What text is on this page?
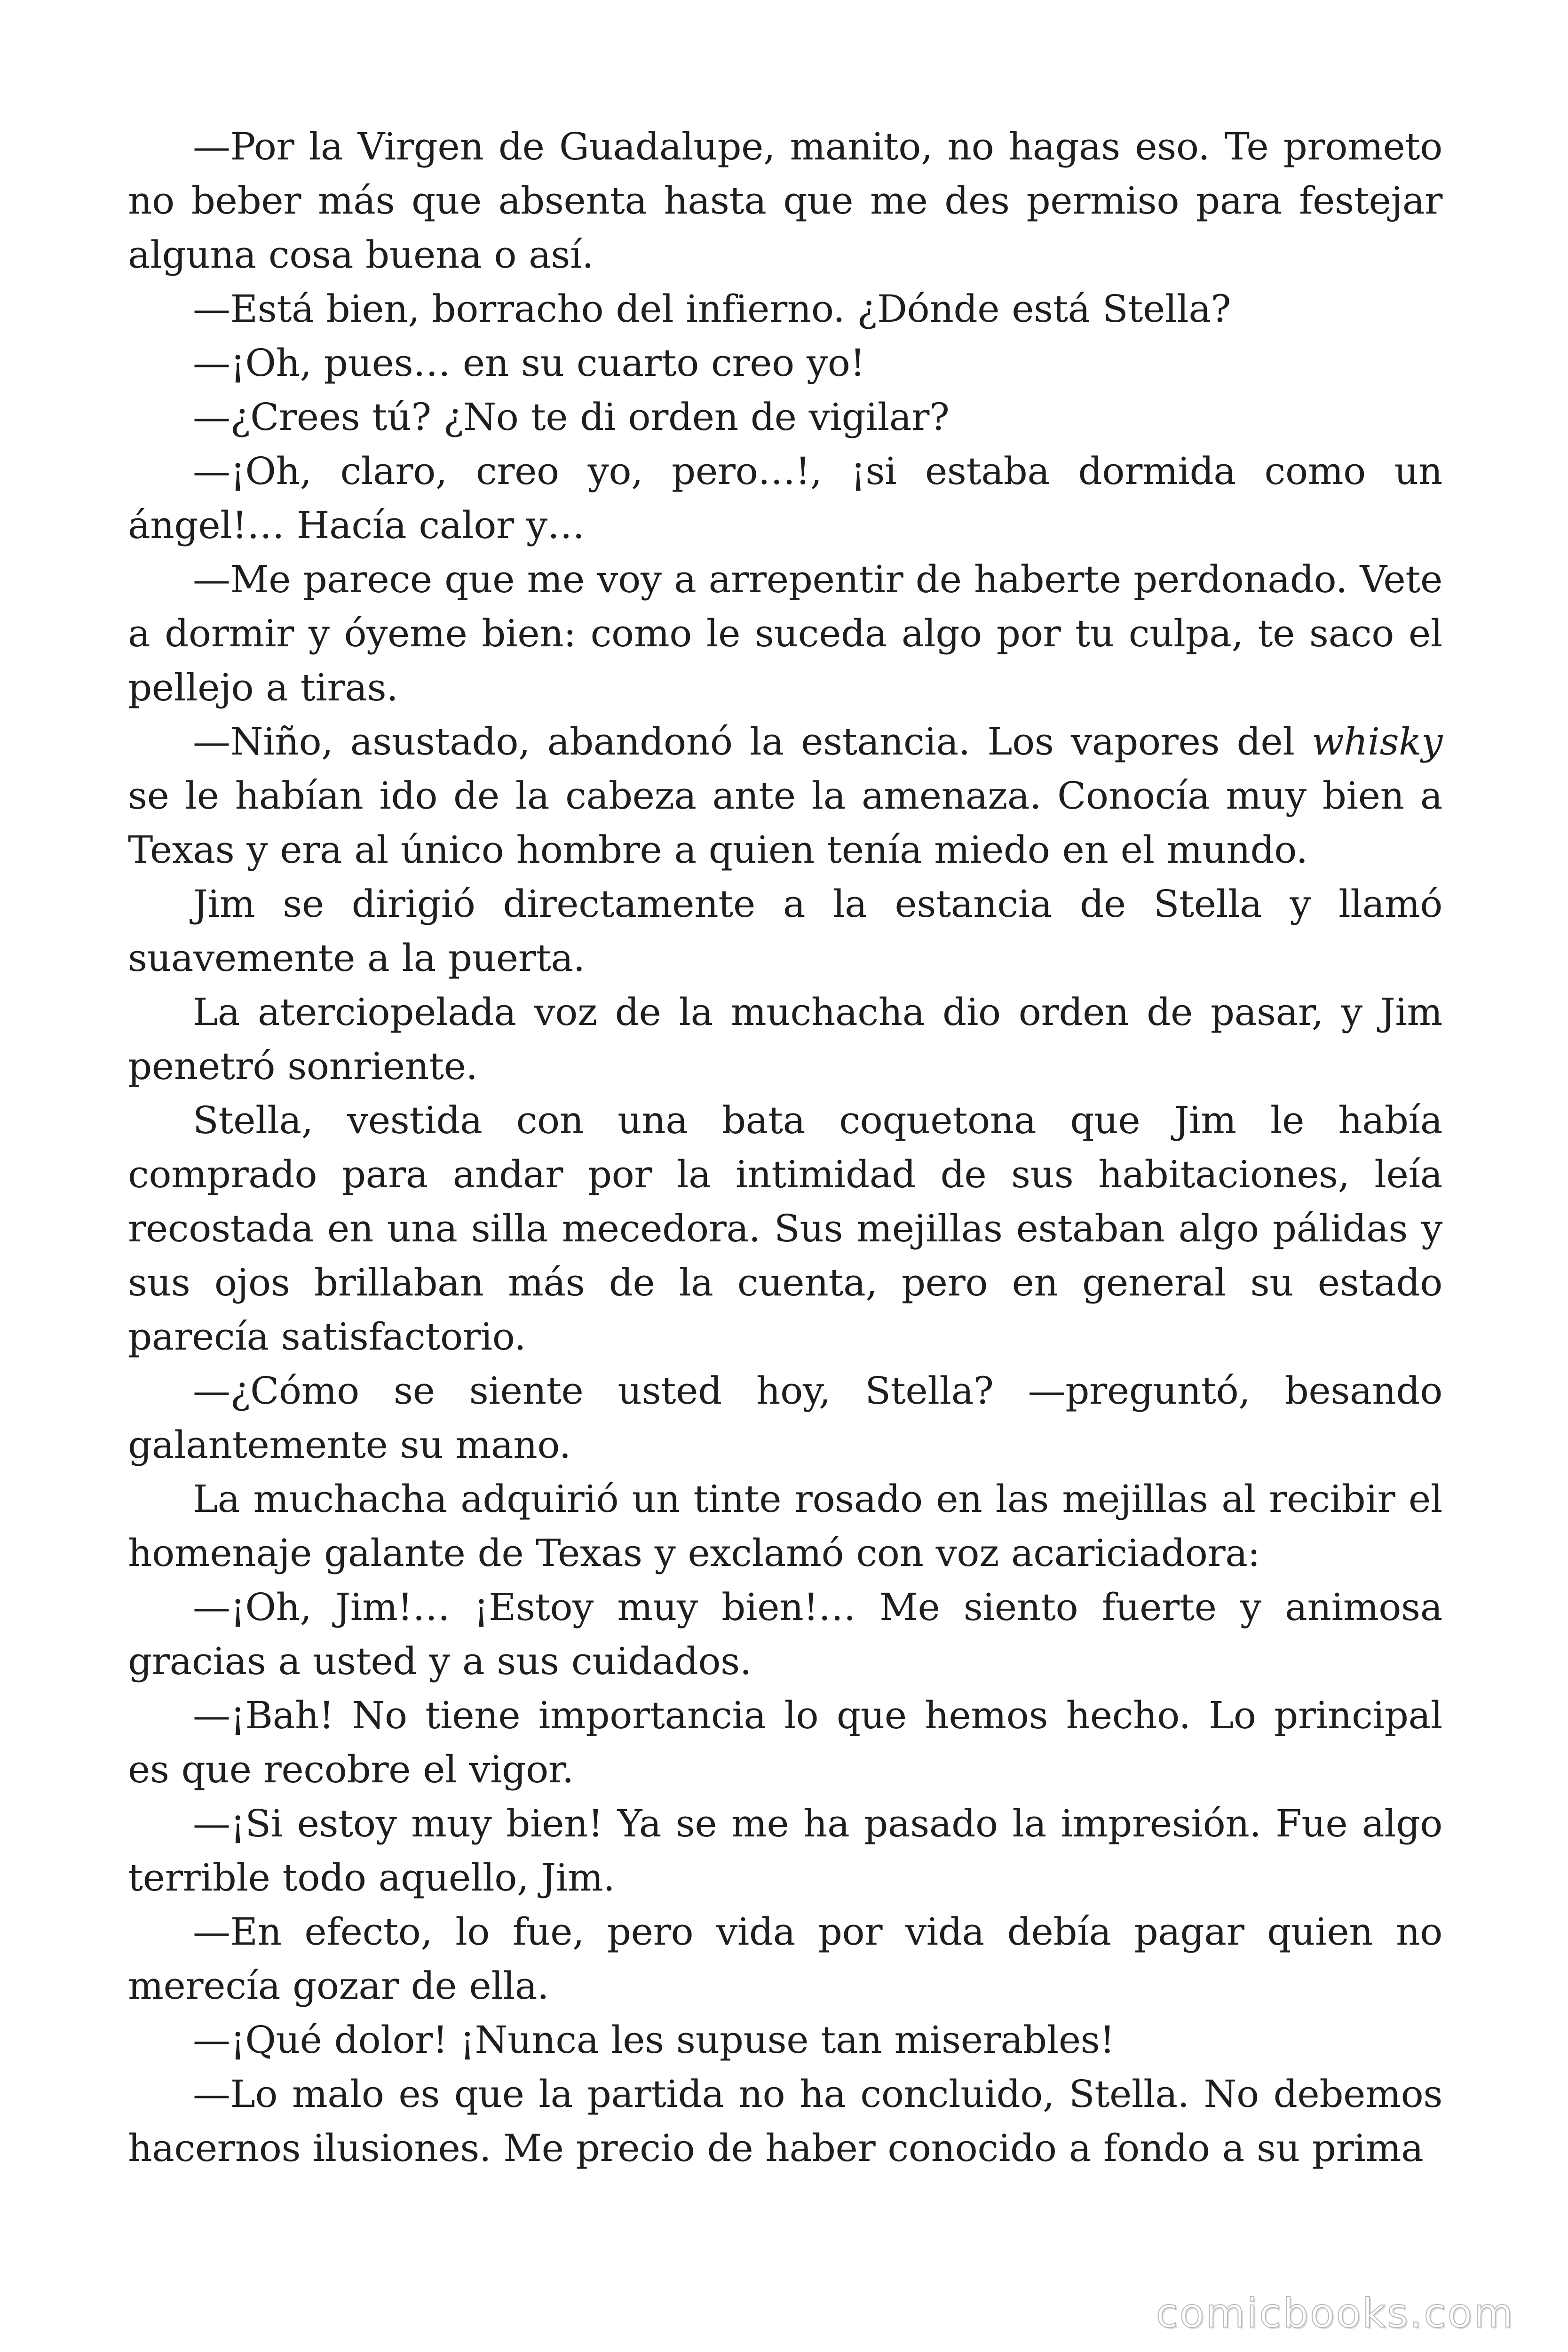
—Por la Virgen de Guadalupe, manito, no hagas eso. Te prometo no beber más que absenta hasta que me des permiso para festejar alguna cosa buena o así.

—Está bien, borracho del infierno. ¿Dónde está Stella?

—¡Oh, pues… en su cuarto creo yo!

—¿Crees tú? ¿No te di orden de vigilar?

—¡Oh, claro, creo yo, pero…!, ¡si estaba dormida como un ángel!… Hacía calor y…

—Me parece que me voy a arrepentir de haberte perdonado. Vete a dormir y óyeme bien: como le suceda algo por tu culpa, te saco el pellejo a tiras.

—Niño, asustado, abandonó la estancia. Los vapores del whisky se le habían ido de la cabeza ante la amenaza. Conocía muy bien a Texas y era al único hombre a quien tenía miedo en el mundo.

Jim se dirigió directamente a la estancia de Stella y llamó suavemente a la puerta.

La aterciopelada voz de la muchacha dio orden de pasar, y Jim penetró sonriente.

Stella, vestida con una bata coquetona que Jim le había comprado para andar por la intimidad de sus habitaciones, leía recostada en una silla mecedora. Sus mejillas estaban algo pálidas y sus ojos brillaban más de la cuenta, pero en general su estado parecía satisfactorio.

—¿Cómo se siente usted hoy, Stella? —preguntó, besando galantemente su mano.

La muchacha adquirió un tinte rosado en las mejillas al recibir el homenaje galante de Texas y exclamó con voz acariciadora:

—¡Oh, Jim!… ¡Estoy muy bien!… Me siento fuerte y animosa gracias a usted y a sus cuidados.

—¡Bah! No tiene importancia lo que hemos hecho. Lo principal es que recobre el vigor.

—¡Si estoy muy bien! Ya se me ha pasado la impresión. Fue algo terrible todo aquello, Jim.

—En efecto, lo fue, pero vida por vida debía pagar quien no merecía gozar de ella.

—¡Qué dolor! ¡Nunca les supuse tan miserables!

—Lo malo es que la partida no ha concluido, Stella. No debemos hacernos ilusiones. Me precio de haber conocido a fondo a su prima

comicbooks.com
